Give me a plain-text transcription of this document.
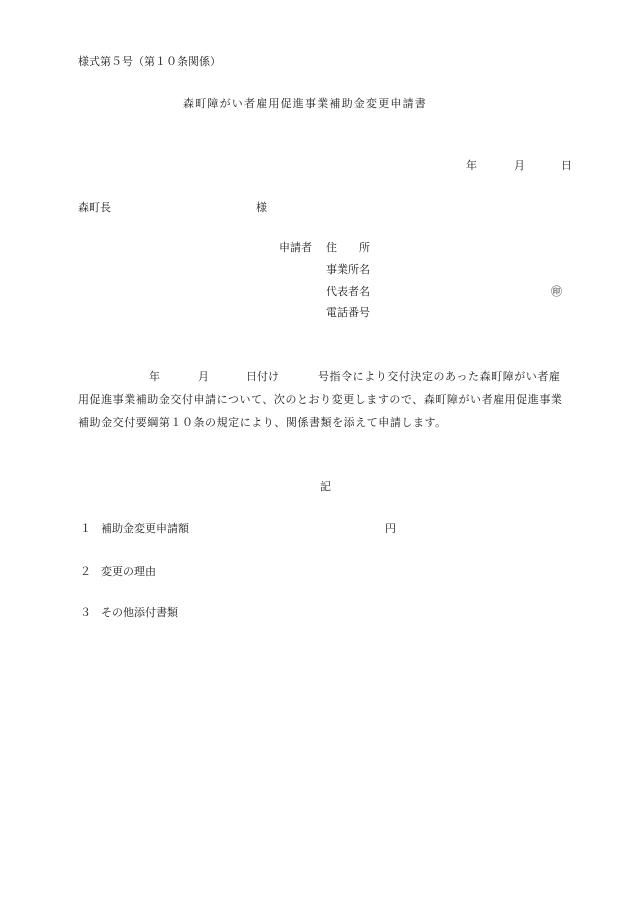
様式第５号（第１０条関係）
森町障がい者雇用促進事業補助金変更申請書
年	月	日
森町長	様
申請者 住　　所
事業所名
代表者名	㊞
電話番号
年	月	日付け	号指令により交付決定のあった森町障がい者雇
用促進事業補助金交付申請について、次のとおり変更しますので、森町障がい者雇用促進事業
補助金交付要綱第１０条の規定により、関係書類を添えて申請します。
記
１ 補助金変更申請額	円
２ 変更の理由
３ その他添付書類
